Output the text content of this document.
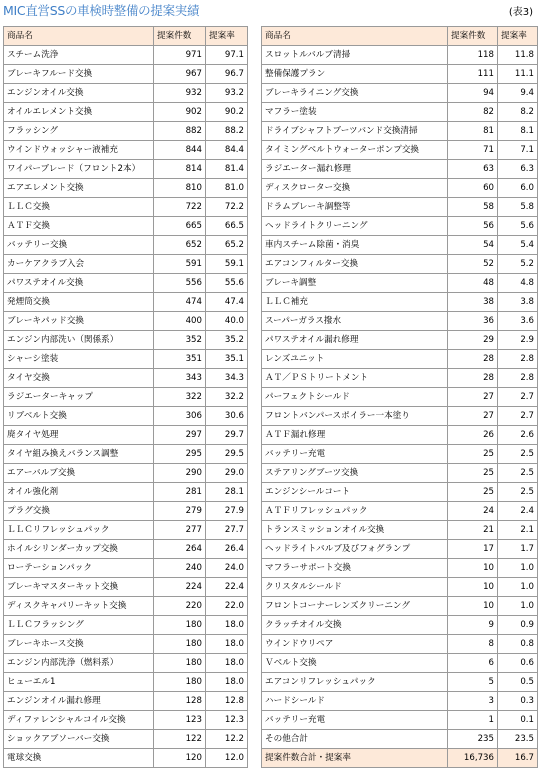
MIC直営SSの車検時整備の提案実績	(表3)
商品名	提案件数	提案率
スチーム洗浄	971	97.1
ブレーキフルード交換	967	96.7
エンジンオイル交換	932	93.2
オイルエレメント交換	902	90.2
フラッシング	882	88.2
ウインドウォッシャー液補充	844	84.4
ワイパーブレード（フロント2本）	814	81.4
エアエレメント交換	810	81.0
ＬＬＣ交換	722	72.2
ＡＴＦ交換	665	66.5
バッテリー交換	652	65.2
カーケアクラブ入会	591	59.1
パワステオイル交換	556	55.6
発煙筒交換	474	47.4
ブレーキパッド交換	400	40.0
エンジン内部洗い（関係系）	352	35.2
シャーシ塗装	351	35.1
タイヤ交換	343	34.3
ラジエーターキャップ	322	32.2
リブベルト交換	306	30.6
廃タイヤ処理	297	29.7
タイヤ組み換えバランス調整	295	29.5
エアーバルブ交換	290	29.0
オイル強化剤	281	28.1
プラグ交換	279	27.9
ＬＬＣリフレッシュパック	277	27.7
ホイルシリンダーカップ交換	264	26.4
ローテーションパック	240	24.0
ブレーキマスターキット交換	224	22.4
ディスクキャパリーキット交換	220	22.0
ＬＬＣフラッシング	180	18.0
ブレーキホース交換	180	18.0
エンジン内部洗浄（燃料系）	180	18.0
ヒューエル1	180	18.0
エンジンオイル漏れ修理	128	12.8
ディファレンシャルコイル交換	123	12.3
ショックアブソーバー交換	122	12.2
電球交換	120	12.0
商品名	提案件数	提案率
スロットルバルブ清掃	118	11.8
整備保護プラン	111	11.1
ブレーキライニング交換	94	9.4
マフラー塗装	82	8.2
ドライブシャフトブーツバンド交換清掃	81	8.1
タイミングベルトウォーターポンプ交換	71	7.1
ラジエーター漏れ修理	63	6.3
ディスクローター交換	60	6.0
ドラムブレーキ調整等	58	5.8
ヘッドライトクリーニング	56	5.6
車内スチーム除菌・消臭	54	5.4
エアコンフィルター交換	52	5.2
ブレーキ調整	48	4.8
ＬＬＣ補充	38	3.8
スーパーガラス撥水	36	3.6
パワステオイル漏れ修理	29	2.9
レンズユニット	28	2.8
ＡＴ／ＰＳトリートメント	28	2.8
パーフェクトシールド	27	2.7
フロントバンパースポイラー一本塗り	27	2.7
ＡＴＦ漏れ修理	26	2.6
バッテリー充電	25	2.5
ステアリングブーツ交換	25	2.5
エンジンシールコート	25	2.5
ＡＴＦリフレッシュパック	24	2.4
トランスミッションオイル交換	21	2.1
ヘッドライトバルブ及びフォグランプ	17	1.7
マフラーサポート交換	10	1.0
クリスタルシールド	10	1.0
フロントコーナーレンズクリーニング	10	1.0
クラッチオイル交換	9	0.9
ウインドウリペア	8	0.8
Ｖベルト交換	6	0.6
エアコンリフレッシュパック	5	0.5
ハードシールド	3	0.3
バッテリー充電	1	0.1
その他合計	235	23.5
提案件数合計・提案率	16,736	16.7
